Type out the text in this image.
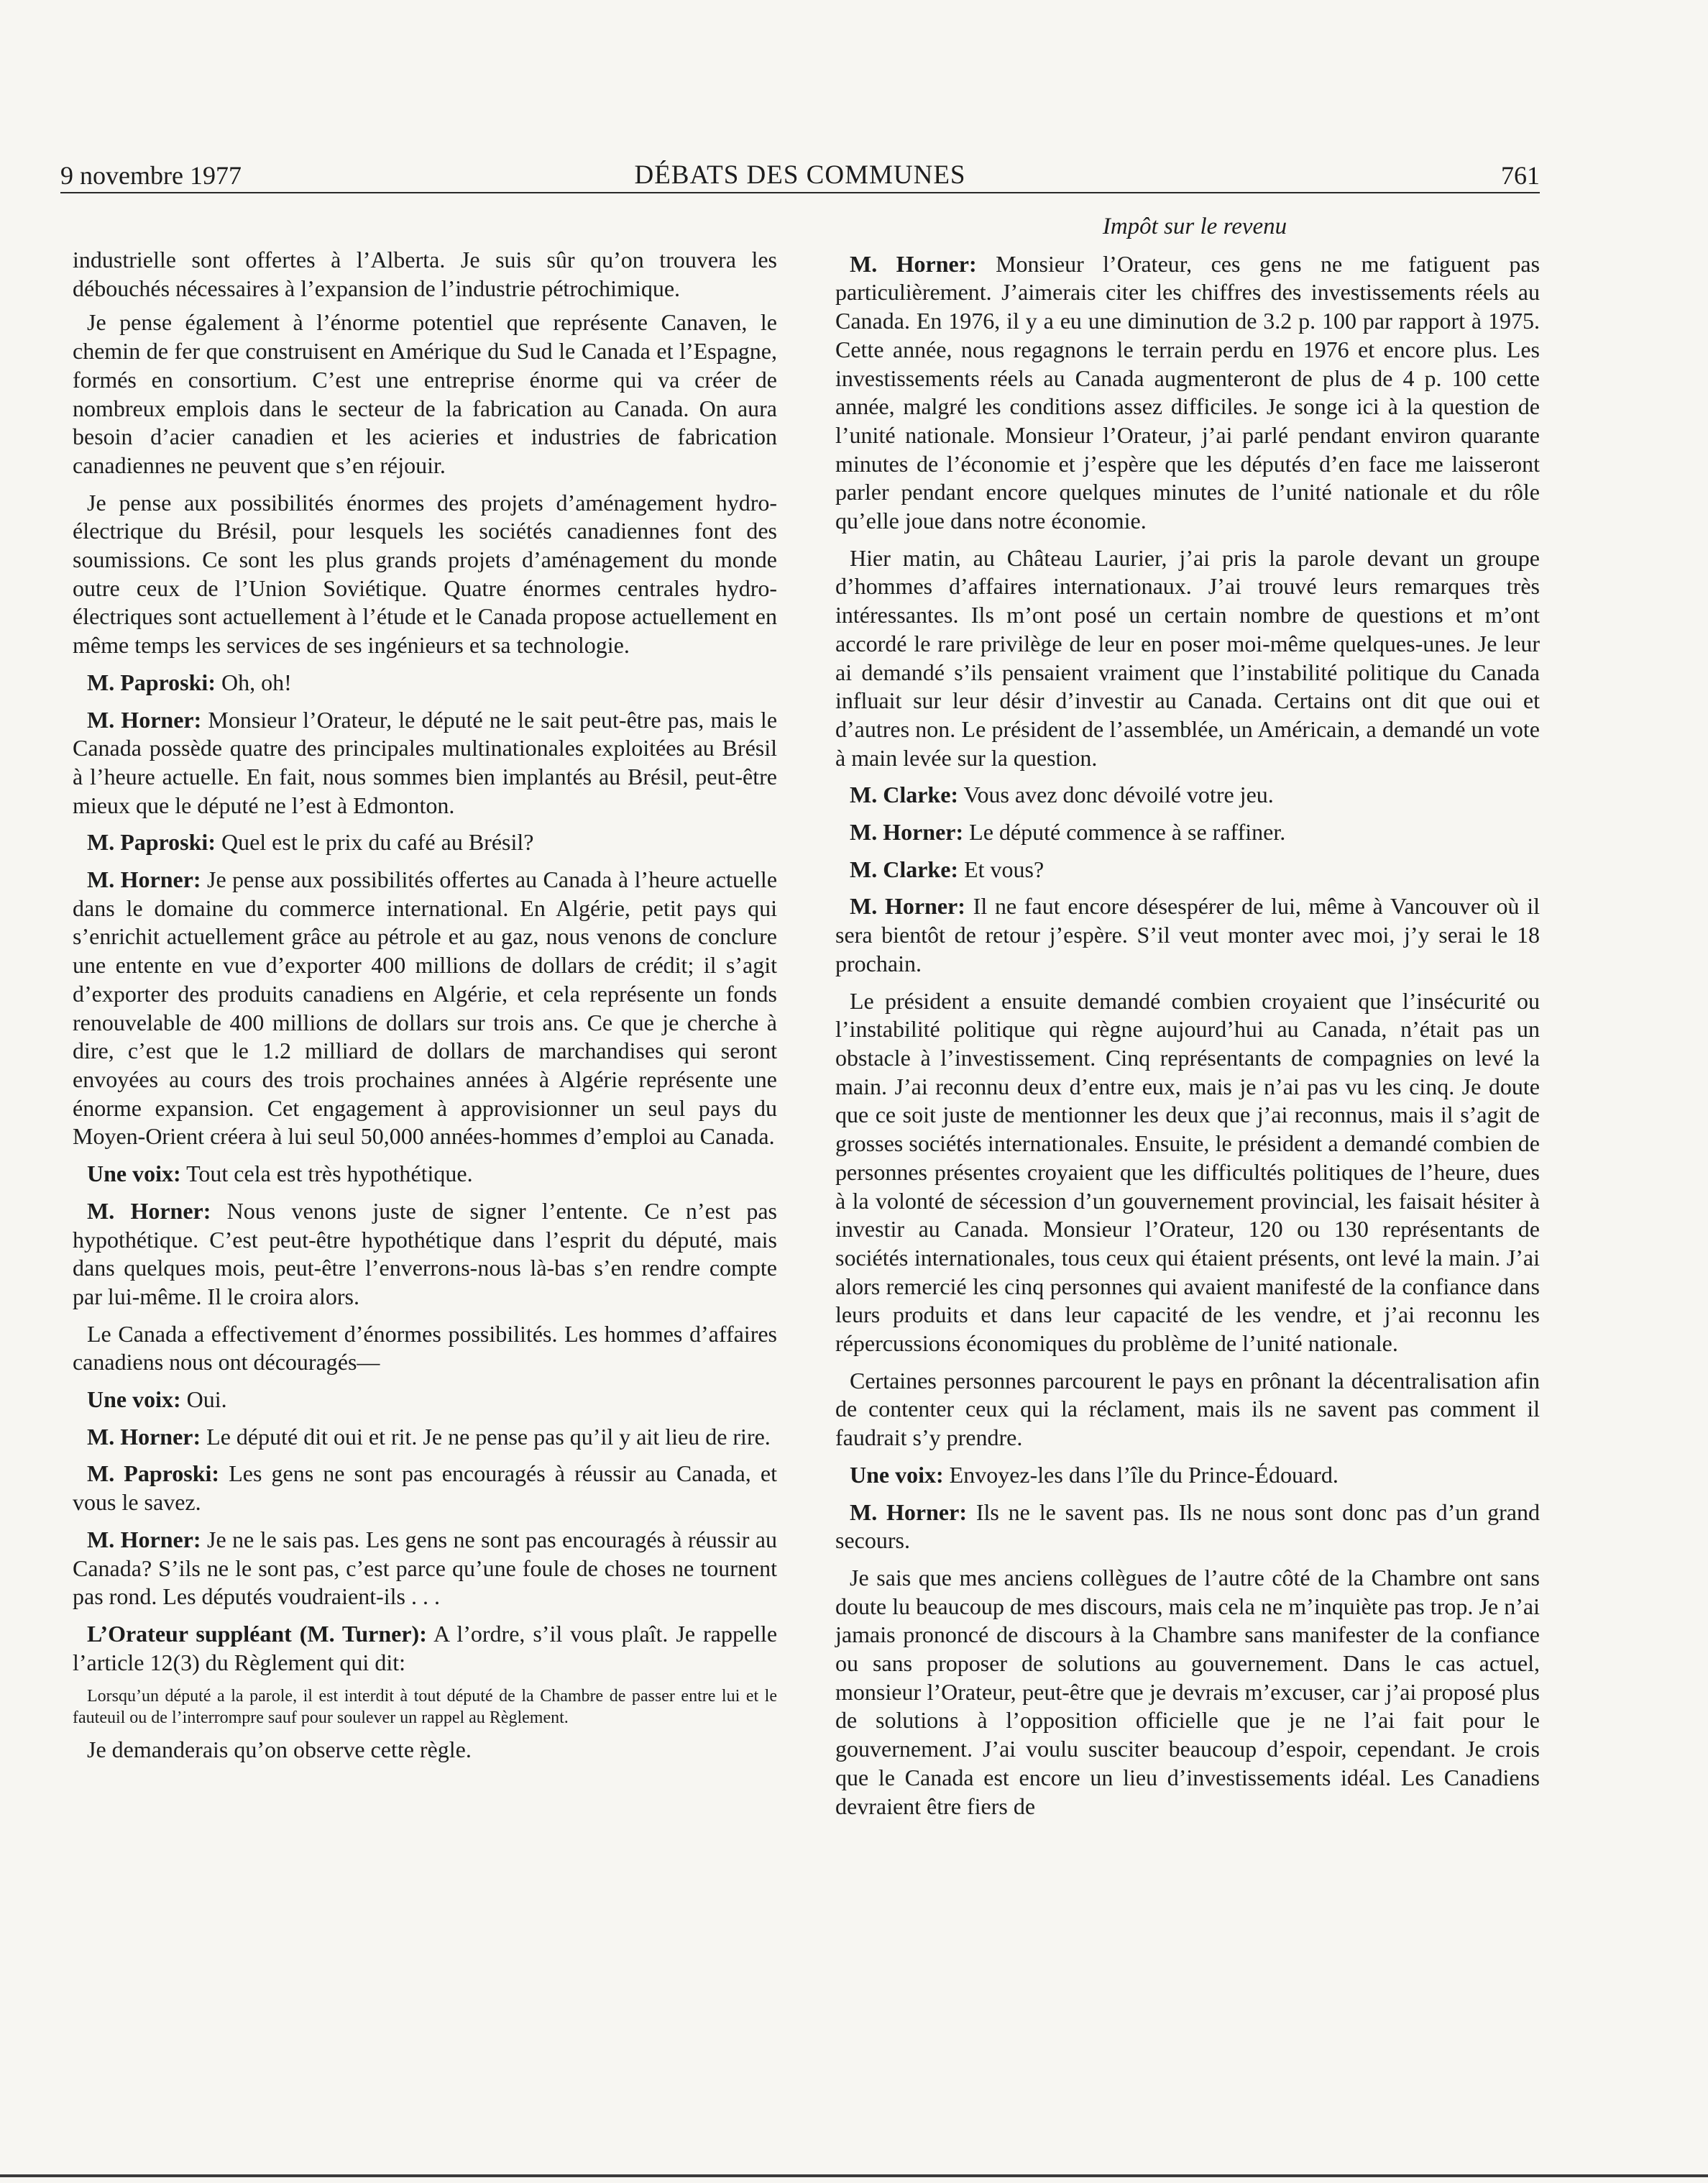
9 novembre 1977	DÉBATS DES COMMUNES	761

industrielle sont offertes à l’Alberta. Je suis sûr qu’on trouvera les débouchés nécessaires à l’expansion de l’industrie pétrochimique.

Je pense également à l’énorme potentiel que représente Canaven, le chemin de fer que construisent en Amérique du Sud le Canada et l’Espagne, formés en consortium. C’est une entreprise énorme qui va créer de nombreux emplois dans le secteur de la fabrication au Canada. On aura besoin d’acier canadien et les acieries et industries de fabrication canadiennes ne peuvent que s’en réjouir.

Je pense aux possibilités énormes des projets d’aménagement hydro-électrique du Brésil, pour lesquels les sociétés canadiennes font des soumissions. Ce sont les plus grands projets d’aménagement du monde outre ceux de l’Union Soviétique. Quatre énormes centrales hydro-électriques sont actuellement à l’étude et le Canada propose actuellement en même temps les services de ses ingénieurs et sa technologie.

M. Paproski: Oh, oh!

M. Horner: Monsieur l’Orateur, le député ne le sait peut-être pas, mais le Canada possède quatre des principales multinationales exploitées au Brésil à l’heure actuelle. En fait, nous sommes bien implantés au Brésil, peut-être mieux que le député ne l’est à Edmonton.

M. Paproski: Quel est le prix du café au Brésil?

M. Horner: Je pense aux possibilités offertes au Canada à l’heure actuelle dans le domaine du commerce international. En Algérie, petit pays qui s’enrichit actuellement grâce au pétrole et au gaz, nous venons de conclure une entente en vue d’exporter 400 millions de dollars de crédit; il s’agit d’exporter des produits canadiens en Algérie, et cela représente un fonds renouvelable de 400 millions de dollars sur trois ans. Ce que je cherche à dire, c’est que le 1.2 milliard de dollars de marchandises qui seront envoyées au cours des trois prochaines années à Algérie représente une énorme expansion. Cet engagement à approvisionner un seul pays du Moyen-Orient créera à lui seul 50,000 années-hommes d’emploi au Canada.

Une voix: Tout cela est très hypothétique.

M. Horner: Nous venons juste de signer l’entente. Ce n’est pas hypothétique. C’est peut-être hypothétique dans l’esprit du député, mais dans quelques mois, peut-être l’enverrons-nous là-bas s’en rendre compte par lui-même. Il le croira alors.

Le Canada a effectivement d’énormes possibilités. Les hommes d’affaires canadiens nous ont découragés—

Une voix: Oui.

M. Horner: Le député dit oui et rit. Je ne pense pas qu’il y ait lieu de rire.

M. Paproski: Les gens ne sont pas encouragés à réussir au Canada, et vous le savez.

M. Horner: Je ne le sais pas. Les gens ne sont pas encouragés à réussir au Canada? S’ils ne le sont pas, c’est parce qu’une foule de choses ne tournent pas rond. Les députés voudraient-ils . . .

L’Orateur suppléant (M. Turner): A l’ordre, s’il vous plaît. Je rappelle l’article 12(3) du Règlement qui dit:

Lorsqu’un député a la parole, il est interdit à tout député de la Chambre de passer entre lui et le fauteuil ou de l’interrompre sauf pour soulever un rappel au Règlement.

Je demanderais qu’on observe cette règle.

Impôt sur le revenu

M. Horner: Monsieur l’Orateur, ces gens ne me fatiguent pas particulièrement. J’aimerais citer les chiffres des investissements réels au Canada. En 1976, il y a eu une diminution de 3.2 p. 100 par rapport à 1975. Cette année, nous regagnons le terrain perdu en 1976 et encore plus. Les investissements réels au Canada augmenteront de plus de 4 p. 100 cette année, malgré les conditions assez difficiles. Je songe ici à la question de l’unité nationale. Monsieur l’Orateur, j’ai parlé pendant environ quarante minutes de l’économie et j’espère que les députés d’en face me laisseront parler pendant encore quelques minutes de l’unité nationale et du rôle qu’elle joue dans notre économie.

Hier matin, au Château Laurier, j’ai pris la parole devant un groupe d’hommes d’affaires internationaux. J’ai trouvé leurs remarques très intéressantes. Ils m’ont posé un certain nombre de questions et m’ont accordé le rare privilège de leur en poser moi-même quelques-unes. Je leur ai demandé s’ils pensaient vraiment que l’instabilité politique du Canada influait sur leur désir d’investir au Canada. Certains ont dit que oui et d’autres non. Le président de l’assemblée, un Américain, a demandé un vote à main levée sur la question.

M. Clarke: Vous avez donc dévoilé votre jeu.

M. Horner: Le député commence à se raffiner.

M. Clarke: Et vous?

M. Horner: Il ne faut encore désespérer de lui, même à Vancouver où il sera bientôt de retour j’espère. S’il veut monter avec moi, j’y serai le 18 prochain.

Le président a ensuite demandé combien croyaient que l’insécurité ou l’instabilité politique qui règne aujourd’hui au Canada, n’était pas un obstacle à l’investissement. Cinq représentants de compagnies on levé la main. J’ai reconnu deux d’entre eux, mais je n’ai pas vu les cinq. Je doute que ce soit juste de mentionner les deux que j’ai reconnus, mais il s’agit de grosses sociétés internationales. Ensuite, le président a demandé combien de personnes présentes croyaient que les difficultés politiques de l’heure, dues à la volonté de sécession d’un gouvernement provincial, les faisait hésiter à investir au Canada. Monsieur l’Orateur, 120 ou 130 représentants de sociétés internationales, tous ceux qui étaient présents, ont levé la main. J’ai alors remercié les cinq personnes qui avaient manifesté de la confiance dans leurs produits et dans leur capacité de les vendre, et j’ai reconnu les répercussions économiques du problème de l’unité nationale.

Certaines personnes parcourent le pays en prônant la décentralisation afin de contenter ceux qui la réclament, mais ils ne savent pas comment il faudrait s’y prendre.

Une voix: Envoyez-les dans l’île du Prince-Édouard.

M. Horner: Ils ne le savent pas. Ils ne nous sont donc pas d’un grand secours.

Je sais que mes anciens collègues de l’autre côté de la Chambre ont sans doute lu beaucoup de mes discours, mais cela ne m’inquiète pas trop. Je n’ai jamais prononcé de discours à la Chambre sans manifester de la confiance ou sans proposer de solutions au gouvernement. Dans le cas actuel, monsieur l’Orateur, peut-être que je devrais m’excuser, car j’ai proposé plus de solutions à l’opposition officielle que je ne l’ai fait pour le gouvernement. J’ai voulu susciter beaucoup d’espoir, cependant. Je crois que le Canada est encore un lieu d’investissements idéal. Les Canadiens devraient être fiers de
